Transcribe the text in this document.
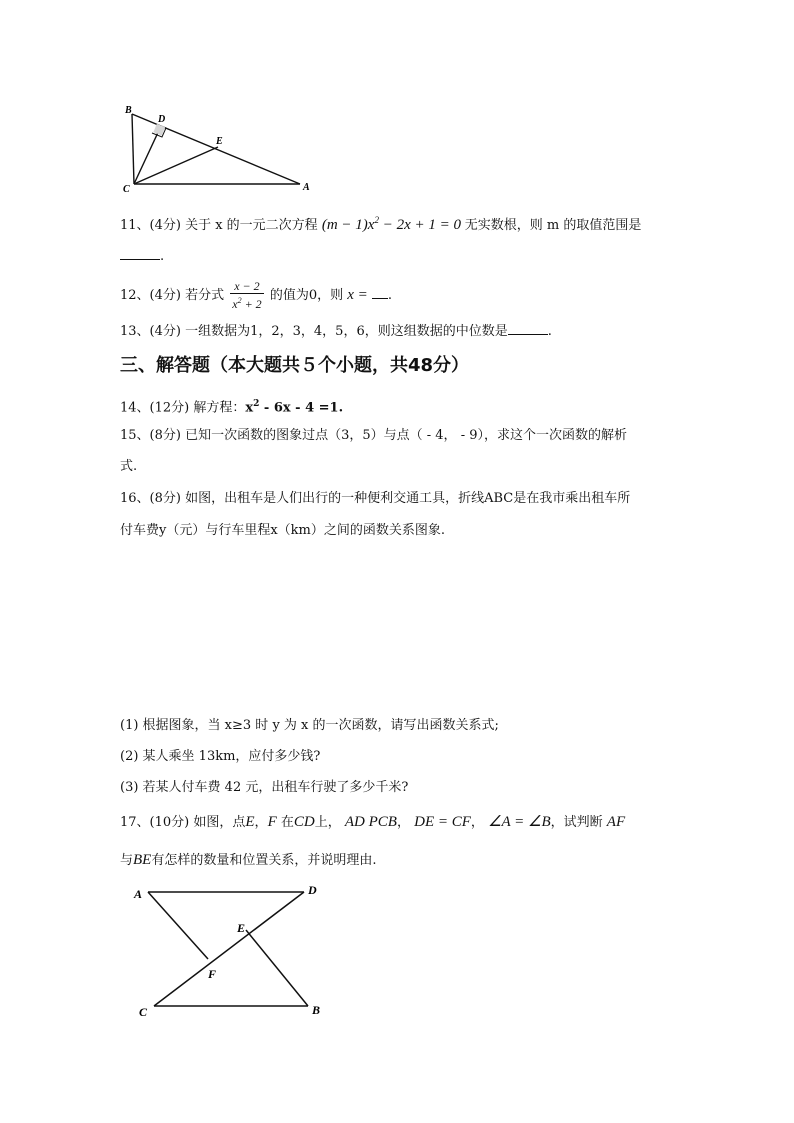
B
D
E
C	A
11、(4分) 关于 x 的一元二次方程 $(m - 1)x^2 - 2x + 1 = 0$ 无实数根，则 m 的取值范围是
.
12、(4分) 若分式 $\frac{x - 2}{x^2 + 2}$ 的值为0，则 x = .
13、(4分) 一组数据为1，2，3，4，5，6，则这组数据的中位数是	.
三、解答题（本大题共５个小题，共48分）
14、(12分) 解方程：$x^2 - 6x - 4 =1$.
15、(8分) 已知一次函数的图象过点（3，5）与点（ - 4， - 9），求这个一次函数的解析
式.
16、(8分) 如图，出租车是人们出行的一种便利交通工具，折线ABC是在我市乘出租车所
付车费y（元）与行车里程x（km）之间的函数关系图象.
(1) 根据图象，当 x≥3 时 y 为 x 的一次函数，请写出函数关系式;
(2) 某人乘坐 13km，应付多少钱?
(3) 若某人付车费 42 元，出租车行驶了多少千米?
17、(10分) 如图，点E，F 在CD上， AD PCB， DE = CF， ∠A = ∠B，试判断 AF
与BE有怎样的数量和位置关系，并说明理由.
A	D
E
F
C	B
